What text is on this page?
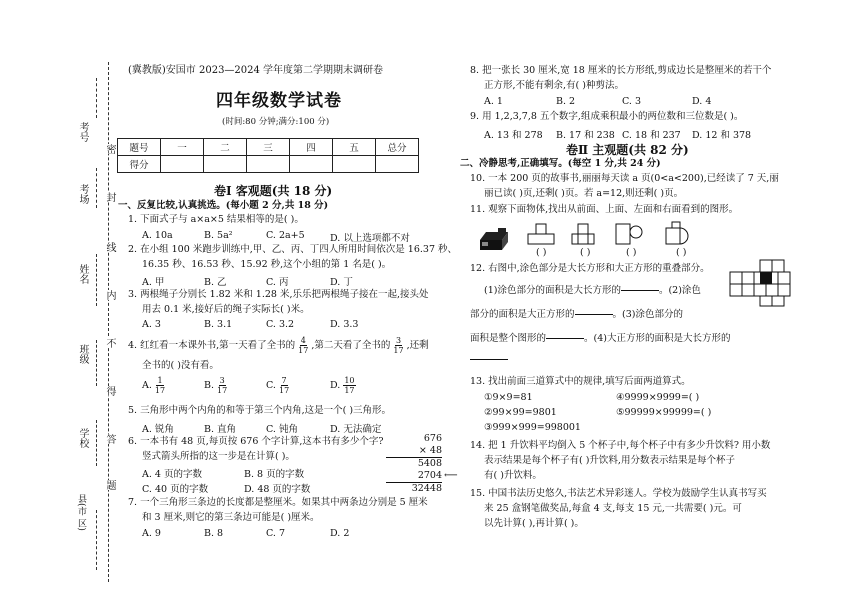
考号
密
考场 封
线
姓名
内
班级
不
学校
得
县(市 区)
答
题
(冀教版)安国市 2023—2024 学年度第二学期期末调研卷
四年级数学试卷
(时间:80 分钟;满分:100 分)
题号	一	二	三	四	五	总分
得分						
卷Ⅰ 客观题(共 18 分)
一、反复比较,认真挑选。(每小题 2 分,共 18 分)
1. 下面式子与 a×a×5 结果相等的是( )。
A. 10a	B. 5a²	C. 2a+5	D. 以上选项都不对
2. 在小组 100 米跑步训练中,甲、乙、丙、丁四人所用时间依次是 16.37 秒、
16.35 秒、16.53 秒、15.92 秒,这个小组的第 1 名是( )。
A. 甲	B. 乙	C. 丙	D. 丁
3. 两根绳子分别长 1.82 米和 1.28 米,乐乐把两根绳子接在一起,接头处
用去 0.1 米,接好后的绳子实际长( )米。
A. 3	B. 3.1	C. 3.2	D. 3.3
4. 红红看一本课外书,第一天看了全书的 $\frac{4}{17}$ ,第二天看了全书的 $\frac{3}{17}$ ,还剩
全书的( )没有看。
A. $\frac{1}{17}$	B. $\frac{3}{17}$	C. $\frac{7}{17}$	D. $\frac{10}{17}$
5. 三角形中两个内角的和等于第三个内角,这是一个( )三角形。
A. 锐角	B. 直角	C. 钝角	D. 无法确定
6. 一本书有 48 页,每页按 676 个字计算,这本书有多少个字?
竖式箭头所指的这一步是在计算( )。
A. 4 页的字数	B. 8 页的字数
C. 40 页的字数	D. 48 页的字数
676
× 48
5408
2704 ⟵
32448
7. 一个三角形三条边的长度都是整厘米。如果其中两条边分别是 5 厘米
和 3 厘米,则它的第三条边可能是( )厘米。
A. 9	B. 8	C. 7	D. 2
8. 把一张长 30 厘米,宽 18 厘米的长方形纸,剪成边长是整厘米的若干个
正方形,不能有剩余,有( )种剪法。
A. 1	B. 2	C. 3	D. 4
9. 用 1,2,3,7,8 五个数字,组成乘积最小的两位数和三位数是( )。
A. 13 和 278 B. 17 和 238 C. 18 和 237 D. 12 和 378
卷Ⅱ 主观题(共 82 分)
二、冷静思考,正确填写。(每空 1 分,共 24 分)
10. 一本 200 页的故事书,丽丽每天读 a 页(0<a<200),已经读了 7 天,丽
丽已读( )页,还剩( )页。若 a=12,则还剩( )页。
11. 观察下面物体,找出从前面、上面、左面和右面看到的图形。
( )	( )	( )	( )
12. 右图中,涂色部分是大长方形和大正方形的重叠部分。
(1)涂色部分的面积是大长方形的

	。(2)涂色
部分的面积是大正方形的

	。(3)涂色部分的
面积是整个图形的

	。(4)大正方形的面积是大长方形的

13. 找出前面三道算式中的规律,填写后面两道算式。
①9×9=81	④9999×9999=( )
②99×99=9801	⑤99999×99999=( )
③999×999=998001
14. 把 1 升饮料平均倒入 5 个杯子中,每个杯子中有多少升饮料? 用小数
表示结果是每个杯子有( )升饮料,用分数表示结果是每个杯子
有( )升饮料。
15. 中国书法历史悠久,书法艺术异彩迷人。学校为鼓励学生认真书写买
来 25 盒钢笔做奖品,每盒 4 支,每支 15 元,一共需要( )元。可
以先计算( ),再计算( )。
